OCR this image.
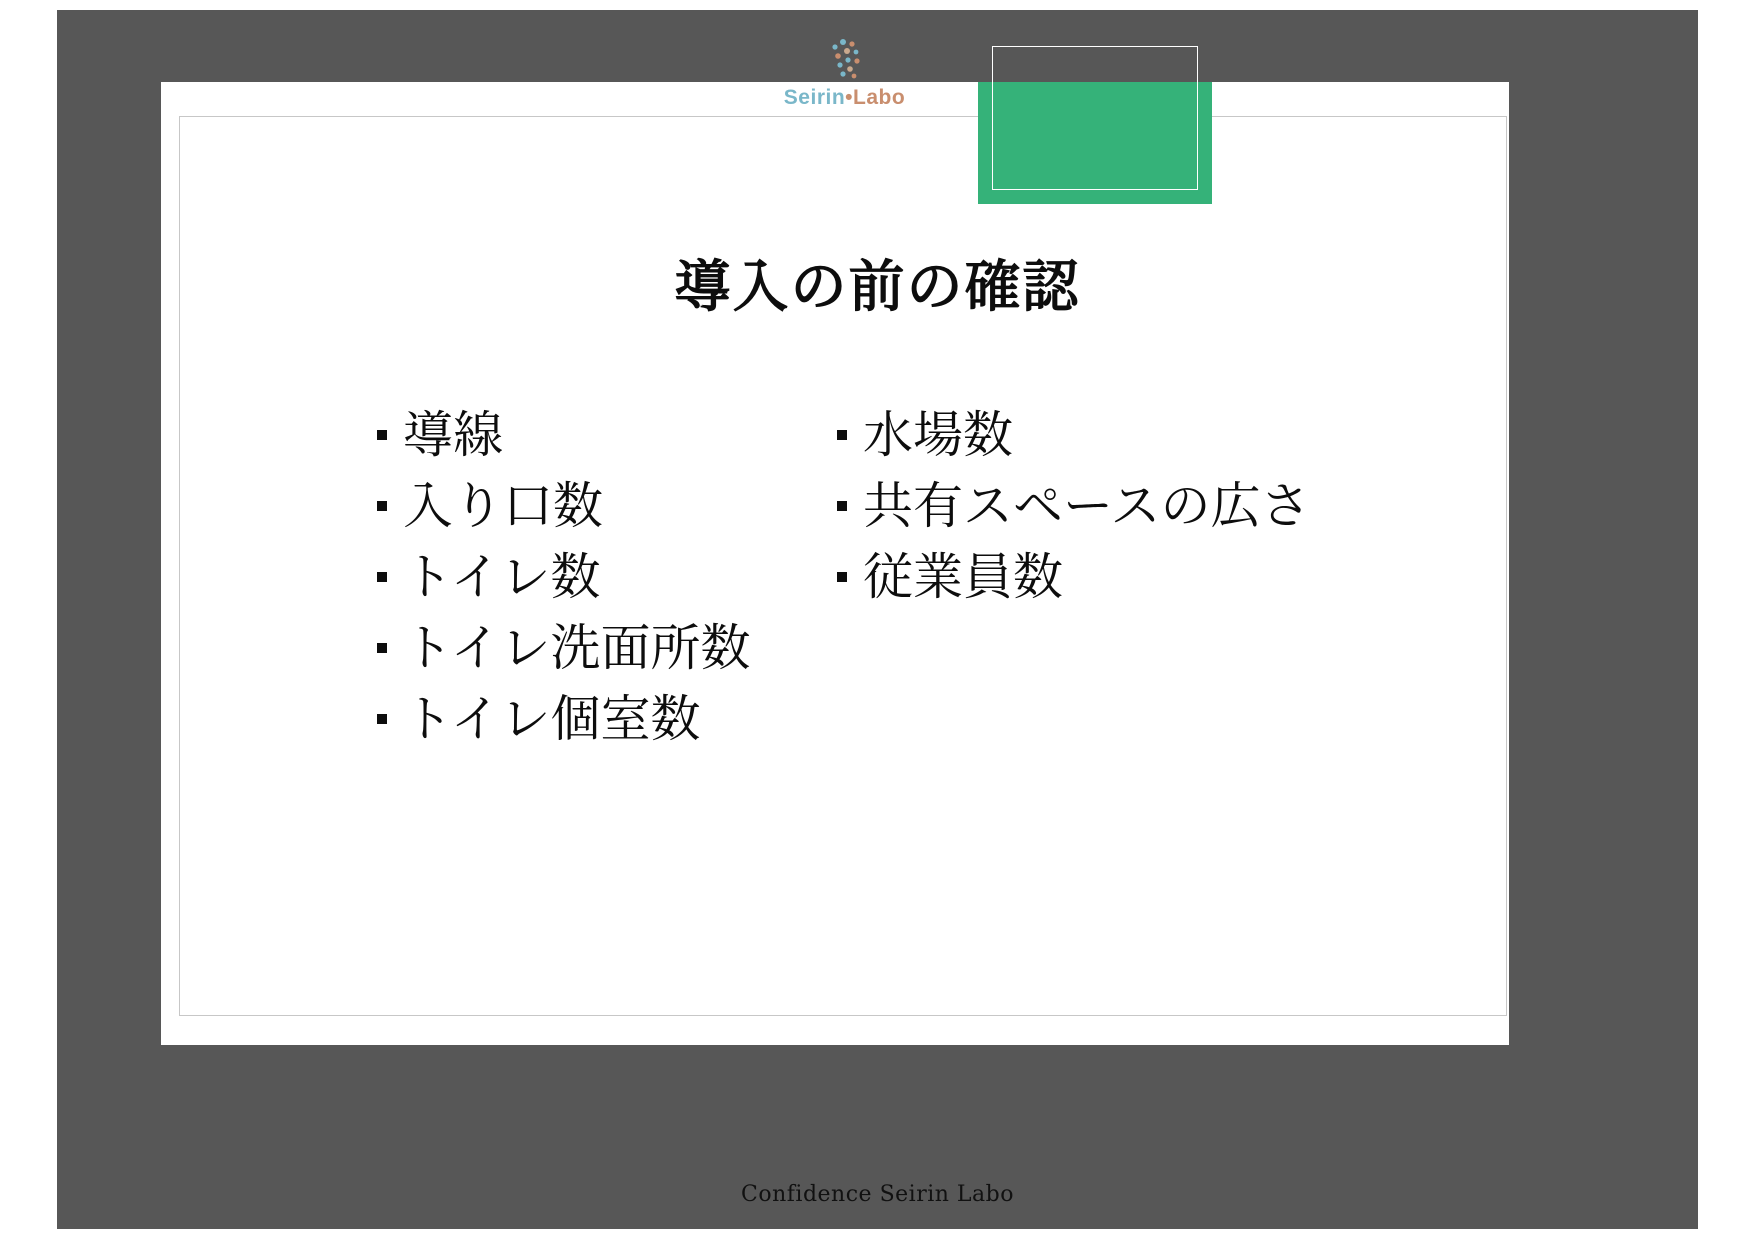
Seirin•Labo
導入の前の確認
導線
入り口数
トイレ数
トイレ洗面所数
トイレ個室数
水場数
共有スペースの広さ
従業員数
Confidence Seirin Labo
